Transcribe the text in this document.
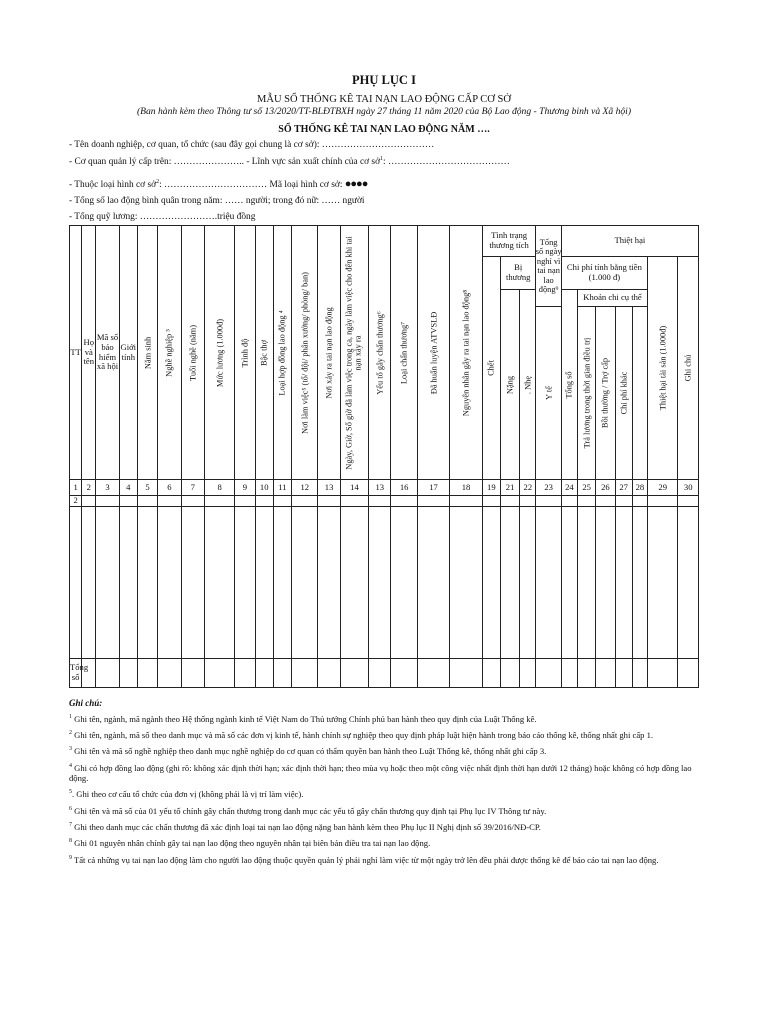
PHỤ LỤC I
MẪU SỔ THỐNG KÊ TAI NẠN LAO ĐỘNG CẤP CƠ SỞ
(Ban hành kèm theo Thông tư số 13/2020/TT-BLĐTBXH ngày 27 tháng 11 năm 2020 của Bộ Lao động - Thương binh và Xã hội)
SỔ THỐNG KÊ TAI NẠN LAO ĐỘNG NĂM ….
- Tên doanh nghiệp, cơ quan, tổ chức (sau đây gọi chung là cơ sở): ………………………………
- Cơ quan quản lý cấp trên: ………………….. - Lĩnh vực sản xuất chính của cơ sở$^1$: …………………………………
- Thuộc loại hình cơ sở$^2$: …………………………… Mã loại hình cơ sở: ●●●●
- Tổng số lao động bình quân trong năm: …… người; trong đó nữ: …… người
- Tổng quỹ lương: …………………….triệu đồng
TT	Họ và tên	Mã số bảo hiểm xã hội	Giới tính	Năm sinh	Nghề nghiệp ³	Tuổi nghề (năm)	Mức lương (1.000đ)	Trình độ	Bậc thợ	Loại hợp đồng lao động ⁴	Nơi làm việc⁵ (tổ/ đội/ phân xưởng/ phòng/ ban)	Nơi xảy ra tai nạn lao động	Ngày, Giờ, Số giờ đã làm việc trong ca, ngày làm việc cho đến khi tai nạn xảy ra	Yếu tố gây chấn thương⁶	Loại chấn thương⁷	Đã huấn luyện ATVSLĐ	Nguyên nhân gây ra tai nạn lao động⁸	Tình trạng thương tích			Tổng số ngày nghỉ vì tai nạn lao động⁹	Thiệt hại						

																		Chết	Bị thương			Chi phí tính bằng tiền (1.000 đ)					Thiệt hại tài sản (1.000đ)	Ghi chú

																			Nặng	. Nhẹ		Tổng số	Khoản chi cụ thể					

																					Y tế		Trả lương trong thời gian điều trị	Bồi thường / Trợ cấp	Chi phí khác			

1	2	3	4	5	6	7	8	9	10	11	12	13	14	13	16	17	18	19	21	22	23	24	25	26	27	28	29	30
2																												

Tổng số																												
Ghi chú:

$^1$ Ghi tên, ngành, mã ngành theo Hệ thống ngành kinh tế Việt Nam do Thủ tướng Chính phủ ban hành theo quy định của Luật Thống kê.

$^2$ Ghi tên, ngành, mã số theo danh mục và mã số các đơn vị kinh tế, hành chính sự nghiệp theo quy định pháp luật hiện hành trong báo cáo thống kê, thống nhất ghi cấp 1.

$^3$ Ghi tên và mã số nghề nghiệp theo danh mục nghề nghiệp do cơ quan có thẩm quyền ban hành theo Luật Thống kê, thống nhất ghi cấp 3.

$^4$ Ghi có hợp đồng lao động (ghi rõ: không xác định thời hạn; xác định thời hạn; theo mùa vụ hoặc theo một công việc nhất định thời hạn dưới 12 tháng) hoặc không có hợp đồng lao động.

$^5$. Ghi theo cơ cấu tổ chức của đơn vị (không phải là vị trí làm việc).

$^6$ Ghi tên và mã số của 01 yếu tố chính gây chấn thương trong danh mục các yếu tố gây chấn thương quy định tại Phụ lục IV Thông tư này.

$^7$ Ghi theo danh mục các chấn thương đã xác định loại tai nạn lao động nặng ban hành kèm theo Phụ lục II Nghị định số 39/2016/NĐ-CP.

$^8$ Ghi 01 nguyên nhân chính gây tai nạn lao động theo nguyên nhân tại biên bản điều tra tai nạn lao động.

$^9$ Tất cả những vụ tai nạn lao động làm cho người lao động thuộc quyền quản lý phải nghỉ làm việc từ một ngày trở lên đều phải được thống kê để báo cáo tai nạn lao động.
